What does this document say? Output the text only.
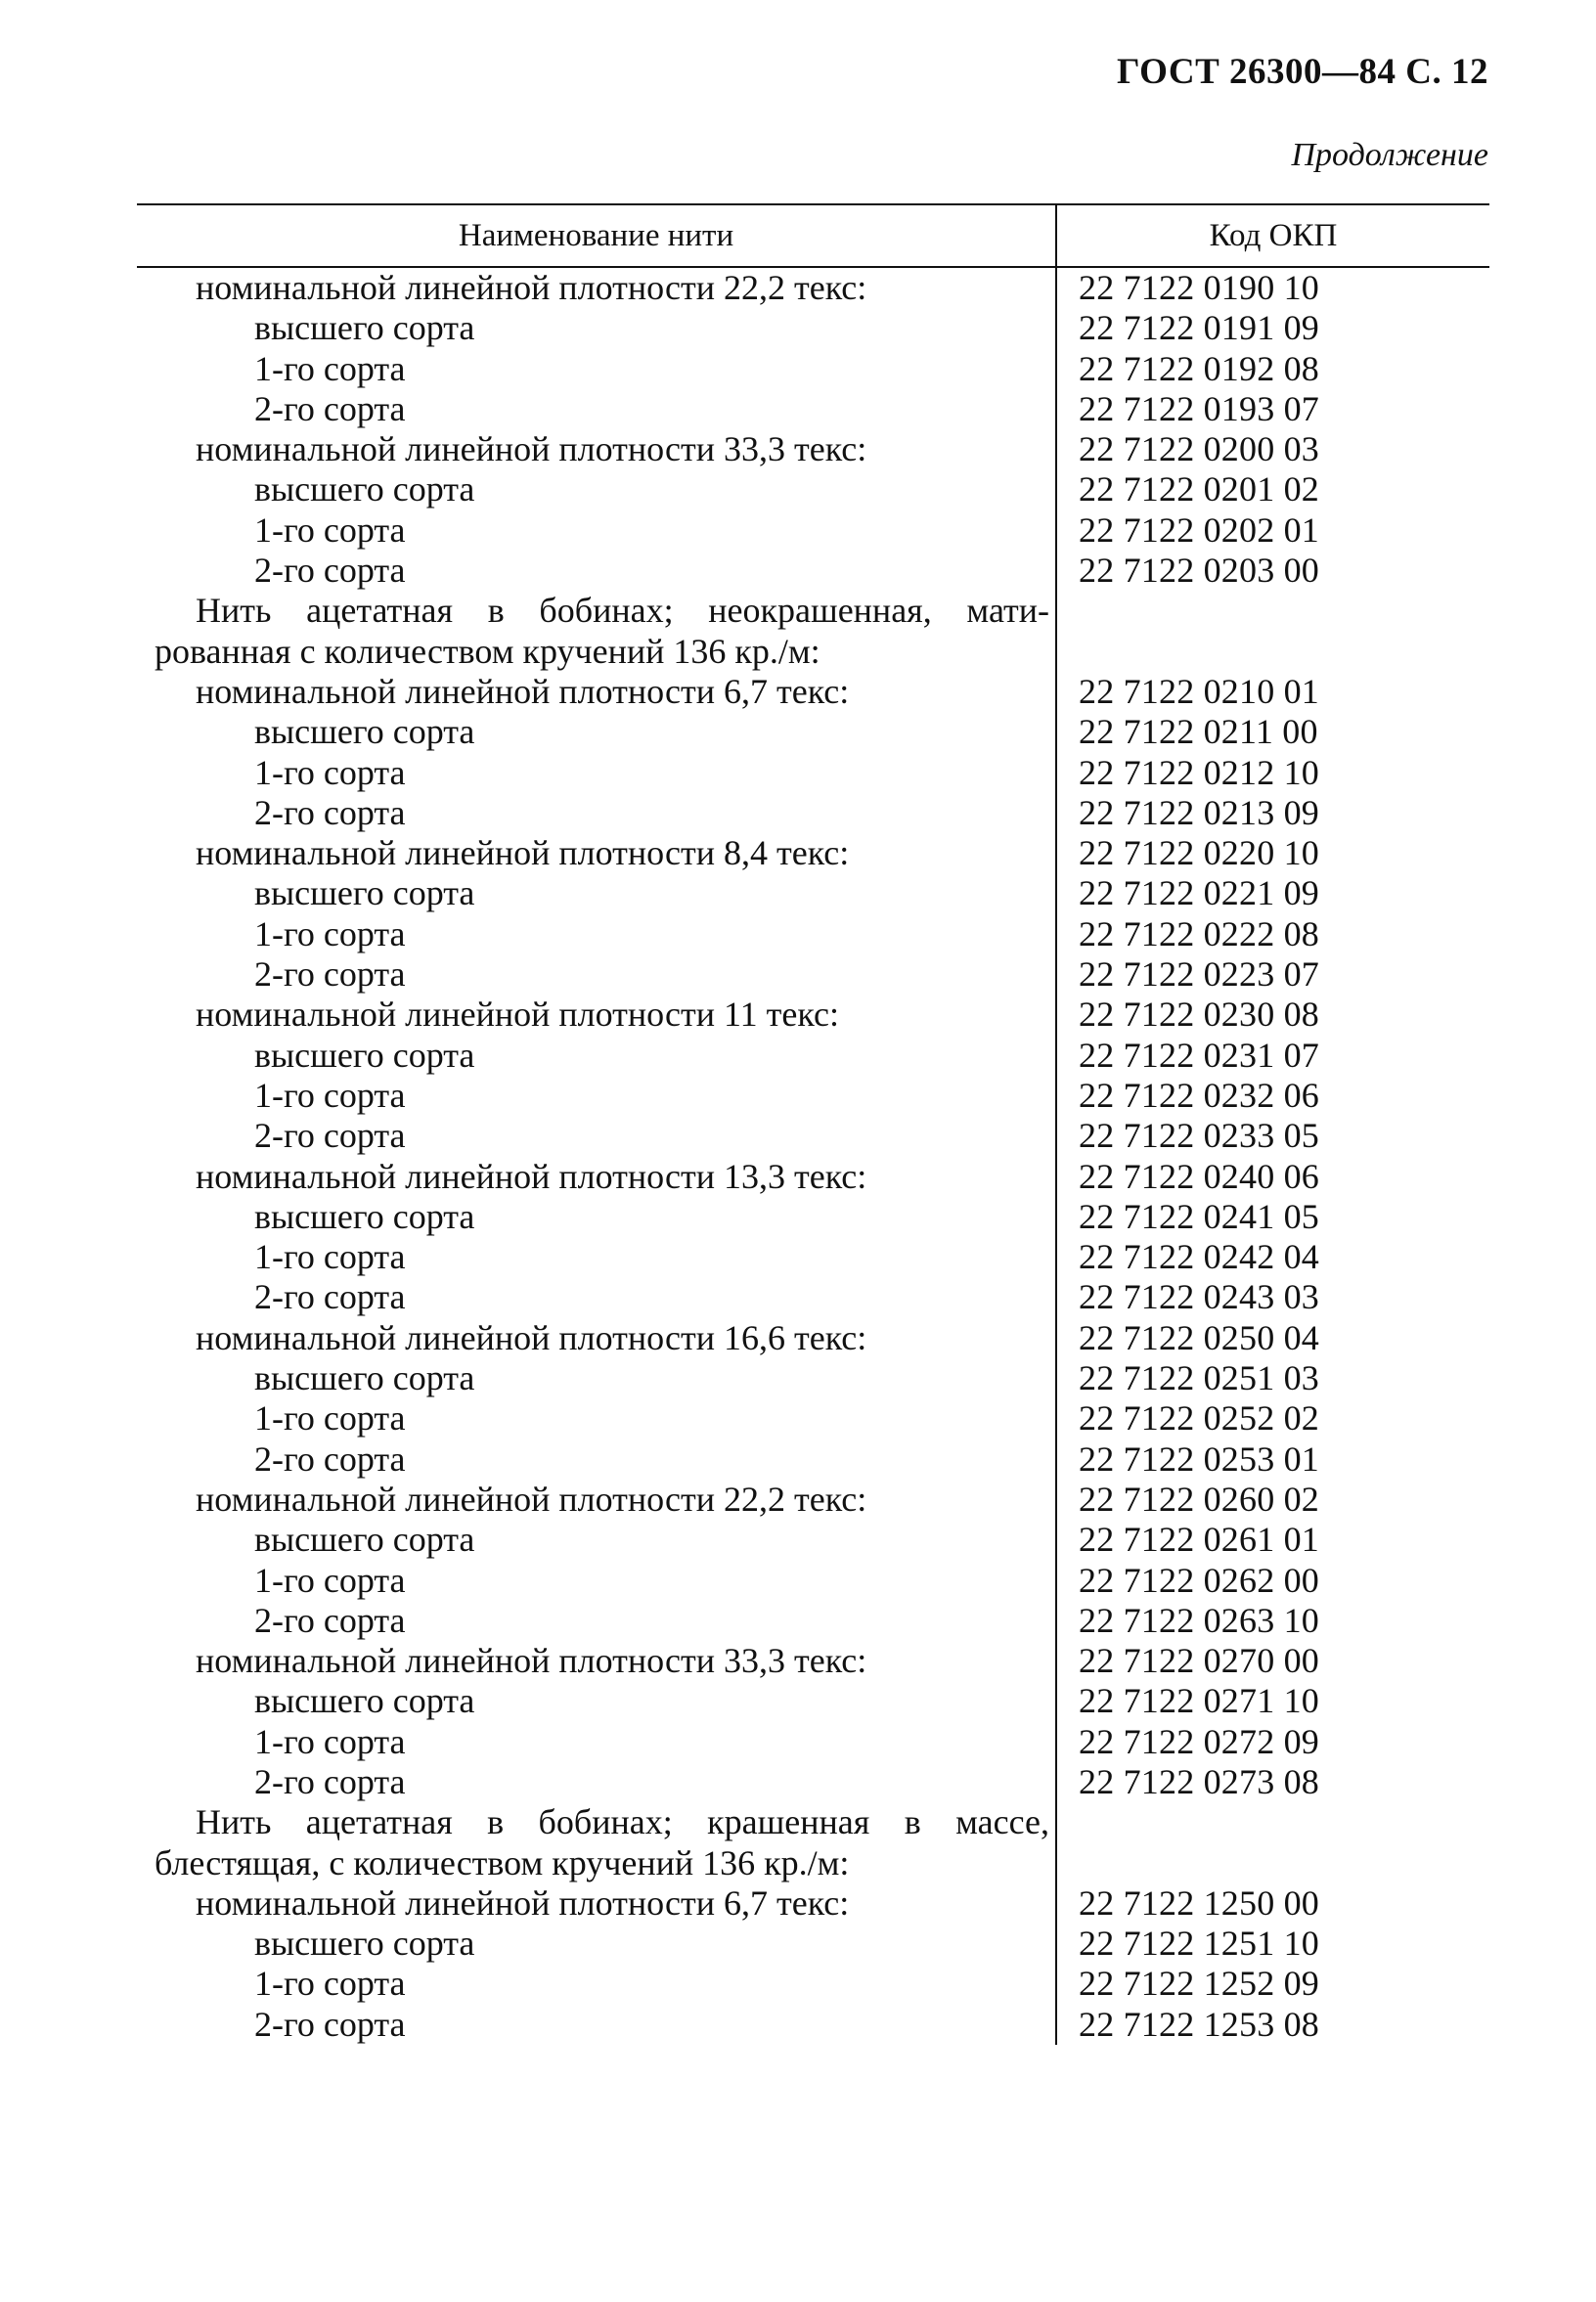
ГОСТ 26300—84 С. 12
Продолжение
Наименование нити	Код ОКП
номинальной линейной плотности 22,2 текс:	22 7122 0190 10
высшего сорта	22 7122 0191 09
1-го сорта	22 7122 0192 08
2-го сорта	22 7122 0193 07
номинальной линейной плотности 33,3 текс:	22 7122 0200 03
высшего сорта	22 7122 0201 02
1-го сорта	22 7122 0202 01
2-го сорта	22 7122 0203 00
Нить ацетатная в бобинах; неокрашенная, мати-	
рованная с количеством кручений 136 кр./м:	
номинальной линейной плотности 6,7 текс:	22 7122 0210 01
высшего сорта	22 7122 0211 00
1-го сорта	22 7122 0212 10
2-го сорта	22 7122 0213 09
номинальной линейной плотности 8,4 текс:	22 7122 0220 10
высшего сорта	22 7122 0221 09
1-го сорта	22 7122 0222 08
2-го сорта	22 7122 0223 07
номинальной линейной плотности 11 текс:	22 7122 0230 08
высшего сорта	22 7122 0231 07
1-го сорта	22 7122 0232 06
2-го сорта	22 7122 0233 05
номинальной линейной плотности 13,3 текс:	22 7122 0240 06
высшего сорта	22 7122 0241 05
1-го сорта	22 7122 0242 04
2-го сорта	22 7122 0243 03
номинальной линейной плотности 16,6 текс:	22 7122 0250 04
высшего сорта	22 7122 0251 03
1-го сорта	22 7122 0252 02
2-го сорта	22 7122 0253 01
номинальной линейной плотности 22,2 текс:	22 7122 0260 02
высшего сорта	22 7122 0261 01
1-го сорта	22 7122 0262 00
2-го сорта	22 7122 0263 10
номинальной линейной плотности 33,3 текс:	22 7122 0270 00
высшего сорта	22 7122 0271 10
1-го сорта	22 7122 0272 09
2-го сорта	22 7122 0273 08
Нить ацетатная в бобинах; крашенная в массе,	
блестящая, с количеством кручений 136 кр./м:	
номинальной линейной плотности 6,7 текс:	22 7122 1250 00
высшего сорта	22 7122 1251 10
1-го сорта	22 7122 1252 09
2-го сорта	22 7122 1253 08
